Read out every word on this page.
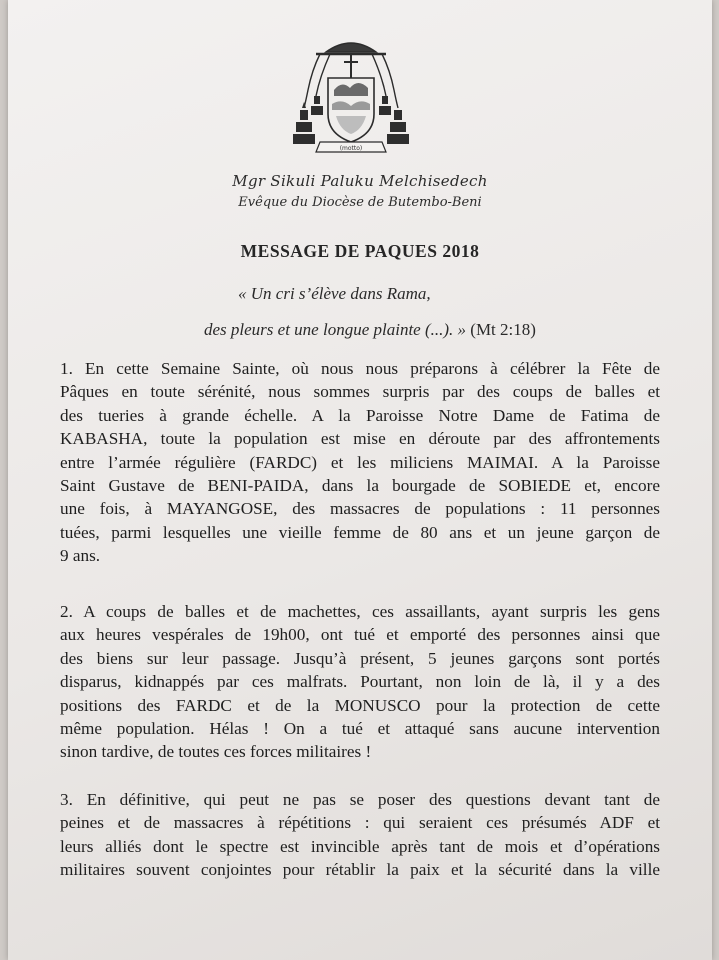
(motto)
Mgr Sikuli Paluku Melchisedech
Evêque du Diocèse de Butembo-Beni
MESSAGE DE PAQUES 2018
« Un cri s’élève dans Rama,
des pleurs et une longue plainte (...). » (Mt 2:18)
1. En cette Semaine Sainte, où nous nous préparons à célébrer la Fête de
Pâques en toute sérénité, nous sommes surpris par des coups de balles et
des tueries à grande échelle. A la Paroisse Notre Dame de Fatima de
KABASHA, toute la population est mise en déroute par des affrontements
entre l’armée régulière (FARDC) et les miliciens MAIMAI. A la Paroisse
Saint Gustave de BENI-PAIDA, dans la bourgade de SOBIEDE et, encore
une fois, à MAYANGOSE, des massacres de populations : 11 personnes
tuées, parmi lesquelles une vieille femme de 80 ans et un jeune garçon de
9 ans.
2. A coups de balles et de machettes, ces assaillants, ayant surpris les gens
aux heures vespérales de 19h00, ont tué et emporté des personnes ainsi que
des biens sur leur passage. Jusqu’à présent, 5 jeunes garçons sont portés
disparus, kidnappés par ces malfrats. Pourtant, non loin de là, il y a des
positions des FARDC et de la MONUSCO pour la protection de cette
même population. Hélas ! On a tué et attaqué sans aucune intervention
sinon tardive, de toutes ces forces militaires !
3. En définitive, qui peut ne pas se poser des questions devant tant de
peines et de massacres à répétitions : qui seraient ces présumés ADF et
leurs alliés dont le spectre est invincible après tant de mois et d’opérations
militaires souvent conjointes pour rétablir la paix et la sécurité dans la ville
